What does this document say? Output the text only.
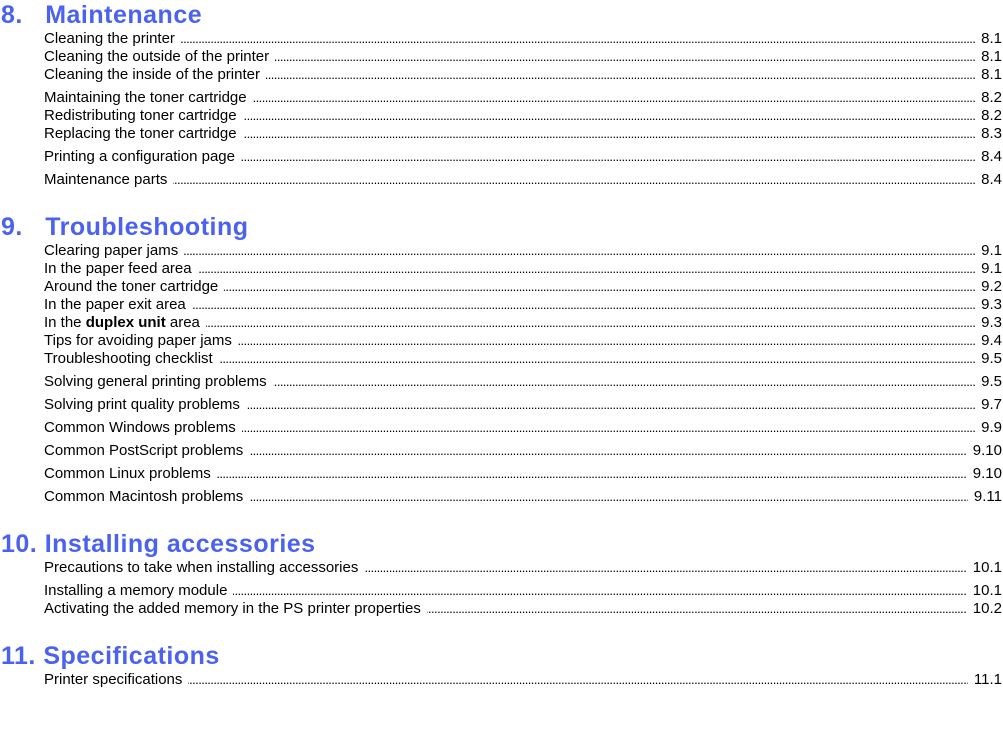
8. Maintenance
. . .
Cleaning the printer	8.1
. . .
Cleaning the outside of the printer	8.1
. . .
Cleaning the inside of the printer	8.1
. . .
Maintaining the toner cartridge	8.2
. . .
Redistributing toner cartridge	8.2
. . .
Replacing the toner cartridge	8.3
. . .
Printing a configuration page	8.4
. . .
Maintenance parts	8.4
9. Troubleshooting
. . .
Clearing paper jams	9.1
. . .
In the paper feed area	9.1
. . .
Around the toner cartridge	9.2
. . .
In the paper exit area	9.3
. . .
In the duplex unit area	9.3
. . .
Tips for avoiding paper jams	9.4
. . .
Troubleshooting checklist	9.5
. . .
Solving general printing problems	9.5
. . .
Solving print quality problems	9.7
. . .
Common Windows problems	9.9
. . .
Common PostScript problems	9.10
. . .
Common Linux problems	9.10
. . .
Common Macintosh problems	9.11
10. Installing accessories
. . .
Precautions to take when installing accessories	10.1
. . .
Installing a memory module	10.1
. . .
Activating the added memory in the PS printer properties	10.2
11. Specifications
. . .
Printer specifications	11.1
